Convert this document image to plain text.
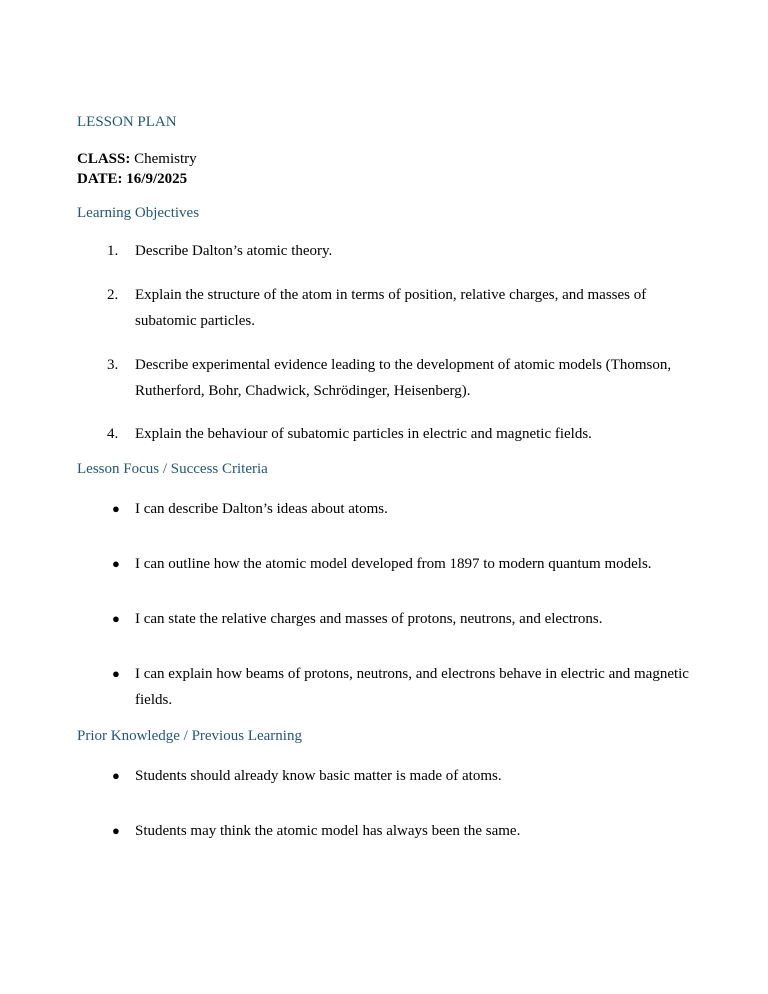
LESSON PLAN
CLASS: Chemistry
DATE: 16/9/2025
Learning Objectives
1. Describe Dalton’s atomic theory.
2. Explain the structure of the atom in terms of position, relative charges, and masses of subatomic particles.
3. Describe experimental evidence leading to the development of atomic models (Thomson, Rutherford, Bohr, Chadwick, Schrödinger, Heisenberg).
4. Explain the behaviour of subatomic particles in electric and magnetic fields.
Lesson Focus / Success Criteria
● I can describe Dalton’s ideas about atoms.
● I can outline how the atomic model developed from 1897 to modern quantum models.
● I can state the relative charges and masses of protons, neutrons, and electrons.
● I can explain how beams of protons, neutrons, and electrons behave in electric and magnetic fields.
Prior Knowledge / Previous Learning
● Students should already know basic matter is made of atoms.
● Students may think the atomic model has always been the same.
